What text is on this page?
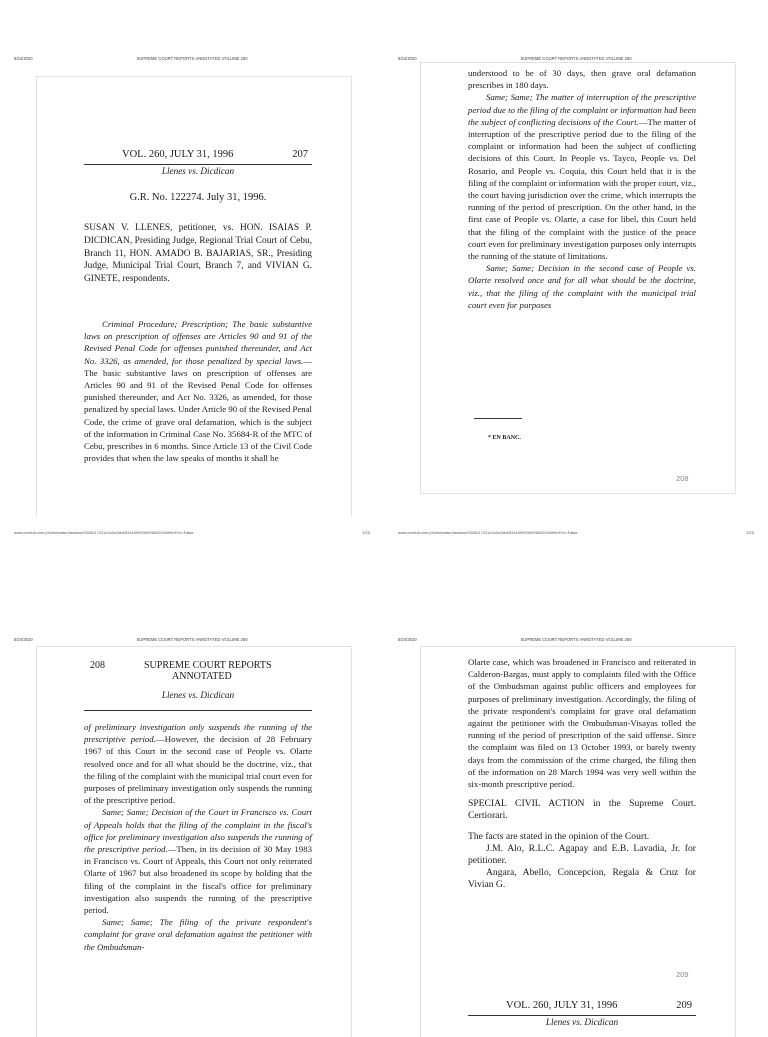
8/24/2020	SUPREME COURT REPORTS ANNOTATED VOLUME 260
VOL. 260, JULY 31, 1996	207
Llenes vs. Dicdican
G.R. No. 122274. July 31, 1996.
SUSAN V. LLENES, petitioner, vs. HON. ISAIAS P. DICDICAN, Presiding Judge, Regional Trial Court of Cebu, Branch 11, HON. AMADO B. BAJARIAS, SR., Presiding Judge, Municipal Trial Court, Branch 7, and VIVIAN G. GINETE, respondents.

Criminal Procedure; Prescription; The basic substantive laws on prescription of offenses are Articles 90 and 91 of the Revised Penal Code for offenses punished thereunder, and Act No. 3326, as amended, for those penalized by special laws.—The basic substantive laws on prescription of offenses are Articles 90 and 91 of the Revised Penal Code for offenses punished thereunder, and Act No. 3326, as amended, for those penalized by special laws. Under Article 90 of the Revised Penal Code, the crime of grave oral defamation, which is the subject of the information in Criminal Case No. 35684-R of the MTC of Cebu, prescribes in 6 months. Since Article 13 of the Civil Code provides that when the law speaks of months it shall be

www.central.com.ph/sfsreader/session/0000017411c2c6d16b6531e4900300050032c005e/t/?o=False	1/25
8/24/2020	SUPREME COURT REPORTS ANNOTATED VOLUME 260

understood to be of 30 days, then grave oral defamation prescribes in 180 days.

Same; Same; The matter of interruption of the prescriptive period due to the filing of the complaint or information had been the subject of conflicting decisions of the Court.—The matter of interruption of the prescriptive period due to the filing of the complaint or information had been the subject of conflicting decisions of this Court. In People vs. Tayco, People vs. Del Rosario, and People vs. Coquia, this Court held that it is the filing of the complaint or information with the proper court, viz., the court having jurisdiction over the crime, which interrupts the running of the period of prescription. On the other hand, in the first case of People vs. Olarte, a case for libel, this Court held that the filing of the complaint with the justice of the peace court even for preliminary investigation purposes only interrupts the running of the statute of limitations.

Same; Same; Decision in the second case of People vs. Olarte resolved once and for all what should be the doctrine, viz., that the filing of the complaint with the municipal trial court even for purposes

* EN BANC.
208
www.central.com.ph/sfsreader/session/0000017411c2c6d16b6531e4900300050032c005e/t/?o=False	2/25
8/24/2020	SUPREME COURT REPORTS ANNOTATED VOLUME 260
208	SUPREME COURT REPORTS
ANNOTATED
Llenes vs. Dicdican

of preliminary investigation only suspends the running of the prescriptive period.—However, the decision of 28 February 1967 of this Court in the second case of People vs. Olarte resolved once and for all what should be the doctrine, viz., that the filing of the complaint with the municipal trial court even for purposes of preliminary investigation only suspends the running of the prescriptive period.

Same; Same; Decision of the Court in Francisco vs. Court of Appeals holds that the filing of the complaint in the fiscal's office for preliminary investigation also suspends the running of the prescriptive period.—Then, in its decision of 30 May 1983 in Francisco vs. Court of Appeals, this Court not only reiterated Olarte of 1967 but also broadened its scope by holding that the filing of the complaint in the fiscal's office for preliminary investigation also suspends the running of the prescriptive period.

Same; Same; The filing of the private respondent's complaint for grave oral defamation against the petitioner with the Ombudsman-

8/24/2020	SUPREME COURT REPORTS ANNOTATED VOLUME 260

Olarte case, which was broadened in Francisco and reiterated in Calderon-Bargas, must apply to complaints filed with the Office of the Ombudsman against public officers and employees for purposes of preliminary investigation. Accordingly, the filing of the private respondent's complaint for grave oral defamation against the petitioner with the Ombudsman-Visayas tolled the running of the period of prescription of the said offense. Since the complaint was filed on 13 October 1993, or barely twenty days from the commission of the crime charged, the filing then of the information on 28 March 1994 was very well within the six-month prescriptive period.

SPECIAL CIVIL ACTION in the Supreme Court. Certiorari.

The facts are stated in the opinion of the Court.

J.M. Alo, R.L.C. Agapay and E.B. Lavadia, Jr. for petitioner.

Angara, Abello, Concepcion, Regala & Cruz for Vivian G.

209
VOL. 260, JULY 31, 1996	209
Llenes vs. Dicdican
